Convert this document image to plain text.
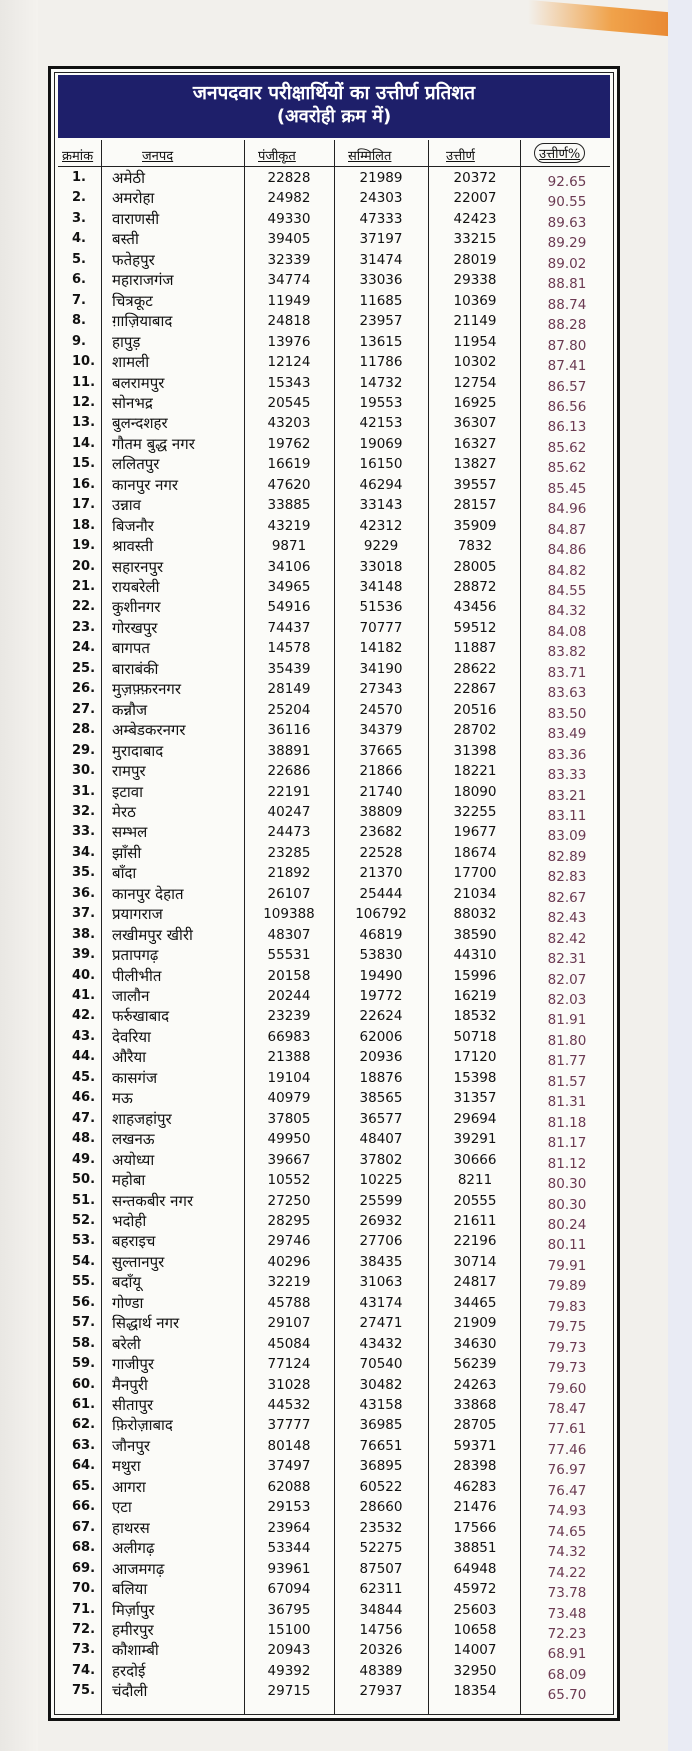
जनपदवार परीक्षार्थियों का उत्तीर्ण प्रतिशत
(अवरोही क्रम में)
क्रमांक	जनपद	पंजीकृत	सम्मिलित	उत्तीर्ण	उत्तीर्ण%
1.	अमेठी	22828	21989	20372	92.65
2.	अमरोहा	24982	24303	22007	90.55
3.	वाराणसी	49330	47333	42423	89.63
4.	बस्ती	39405	37197	33215	89.29
5.	फतेहपुर	32339	31474	28019	89.02
6.	महाराजगंज	34774	33036	29338	88.81
7.	चित्रकूट	11949	11685	10369	88.74
8.	ग़ाज़ियाबाद	24818	23957	21149	88.28
9.	हापुड़	13976	13615	11954	87.80
10.	शामली	12124	11786	10302	87.41
11.	बलरामपुर	15343	14732	12754	86.57
12.	सोनभद्र	20545	19553	16925	86.56
13.	बुलन्दशहर	43203	42153	36307	86.13
14.	गौतम बुद्ध नगर	19762	19069	16327	85.62
15.	ललितपुर	16619	16150	13827	85.62
16.	कानपुर नगर	47620	46294	39557	85.45
17.	उन्नाव	33885	33143	28157	84.96
18.	बिजनौर	43219	42312	35909	84.87
19.	श्रावस्ती	9871	9229	7832	84.86
20.	सहारनपुर	34106	33018	28005	84.82
21.	रायबरेली	34965	34148	28872	84.55
22.	कुशीनगर	54916	51536	43456	84.32
23.	गोरखपुर	74437	70777	59512	84.08
24.	बागपत	14578	14182	11887	83.82
25.	बाराबंकी	35439	34190	28622	83.71
26.	मुज़फ़्फ़रनगर	28149	27343	22867	83.63
27.	कन्नौज	25204	24570	20516	83.50
28.	अम्बेडकरनगर	36116	34379	28702	83.49
29.	मुरादाबाद	38891	37665	31398	83.36
30.	रामपुर	22686	21866	18221	83.33
31.	इटावा	22191	21740	18090	83.21
32.	मेरठ	40247	38809	32255	83.11
33.	सम्भल	24473	23682	19677	83.09
34.	झाँसी	23285	22528	18674	82.89
35.	बाँदा	21892	21370	17700	82.83
36.	कानपुर देहात	26107	25444	21034	82.67
37.	प्रयागराज	109388	106792	88032	82.43
38.	लखीमपुर खीरी	48307	46819	38590	82.42
39.	प्रतापगढ़	55531	53830	44310	82.31
40.	पीलीभीत	20158	19490	15996	82.07
41.	जालौन	20244	19772	16219	82.03
42.	फर्रुखाबाद	23239	22624	18532	81.91
43.	देवरिया	66983	62006	50718	81.80
44.	औरैया	21388	20936	17120	81.77
45.	कासगंज	19104	18876	15398	81.57
46.	मऊ	40979	38565	31357	81.31
47.	शाहजहांपुर	37805	36577	29694	81.18
48.	लखनऊ	49950	48407	39291	81.17
49.	अयोध्या	39667	37802	30666	81.12
50.	महोबा	10552	10225	8211	80.30
51.	सन्तकबीर नगर	27250	25599	20555	80.30
52.	भदोही	28295	26932	21611	80.24
53.	बहराइच	29746	27706	22196	80.11
54.	सुल्तानपुर	40296	38435	30714	79.91
55.	बदाँयू	32219	31063	24817	79.89
56.	गोण्डा	45788	43174	34465	79.83
57.	सिद्धार्थ नगर	29107	27471	21909	79.75
58.	बरेली	45084	43432	34630	79.73
59.	गाजीपुर	77124	70540	56239	79.73
60.	मैनपुरी	31028	30482	24263	79.60
61.	सीतापुर	44532	43158	33868	78.47
62.	फ़िरोज़ाबाद	37777	36985	28705	77.61
63.	जौनपुर	80148	76651	59371	77.46
64.	मथुरा	37497	36895	28398	76.97
65.	आगरा	62088	60522	46283	76.47
66.	एटा	29153	28660	21476	74.93
67.	हाथरस	23964	23532	17566	74.65
68.	अलीगढ़	53344	52275	38851	74.32
69.	आजमगढ़	93961	87507	64948	74.22
70.	बलिया	67094	62311	45972	73.78
71.	मिर्ज़ापुर	36795	34844	25603	73.48
72.	हमीरपुर	15100	14756	10658	72.23
73.	कौशाम्बी	20943	20326	14007	68.91
74.	हरदोई	49392	48389	32950	68.09
75.	चंदौली	29715	27937	18354	65.70
